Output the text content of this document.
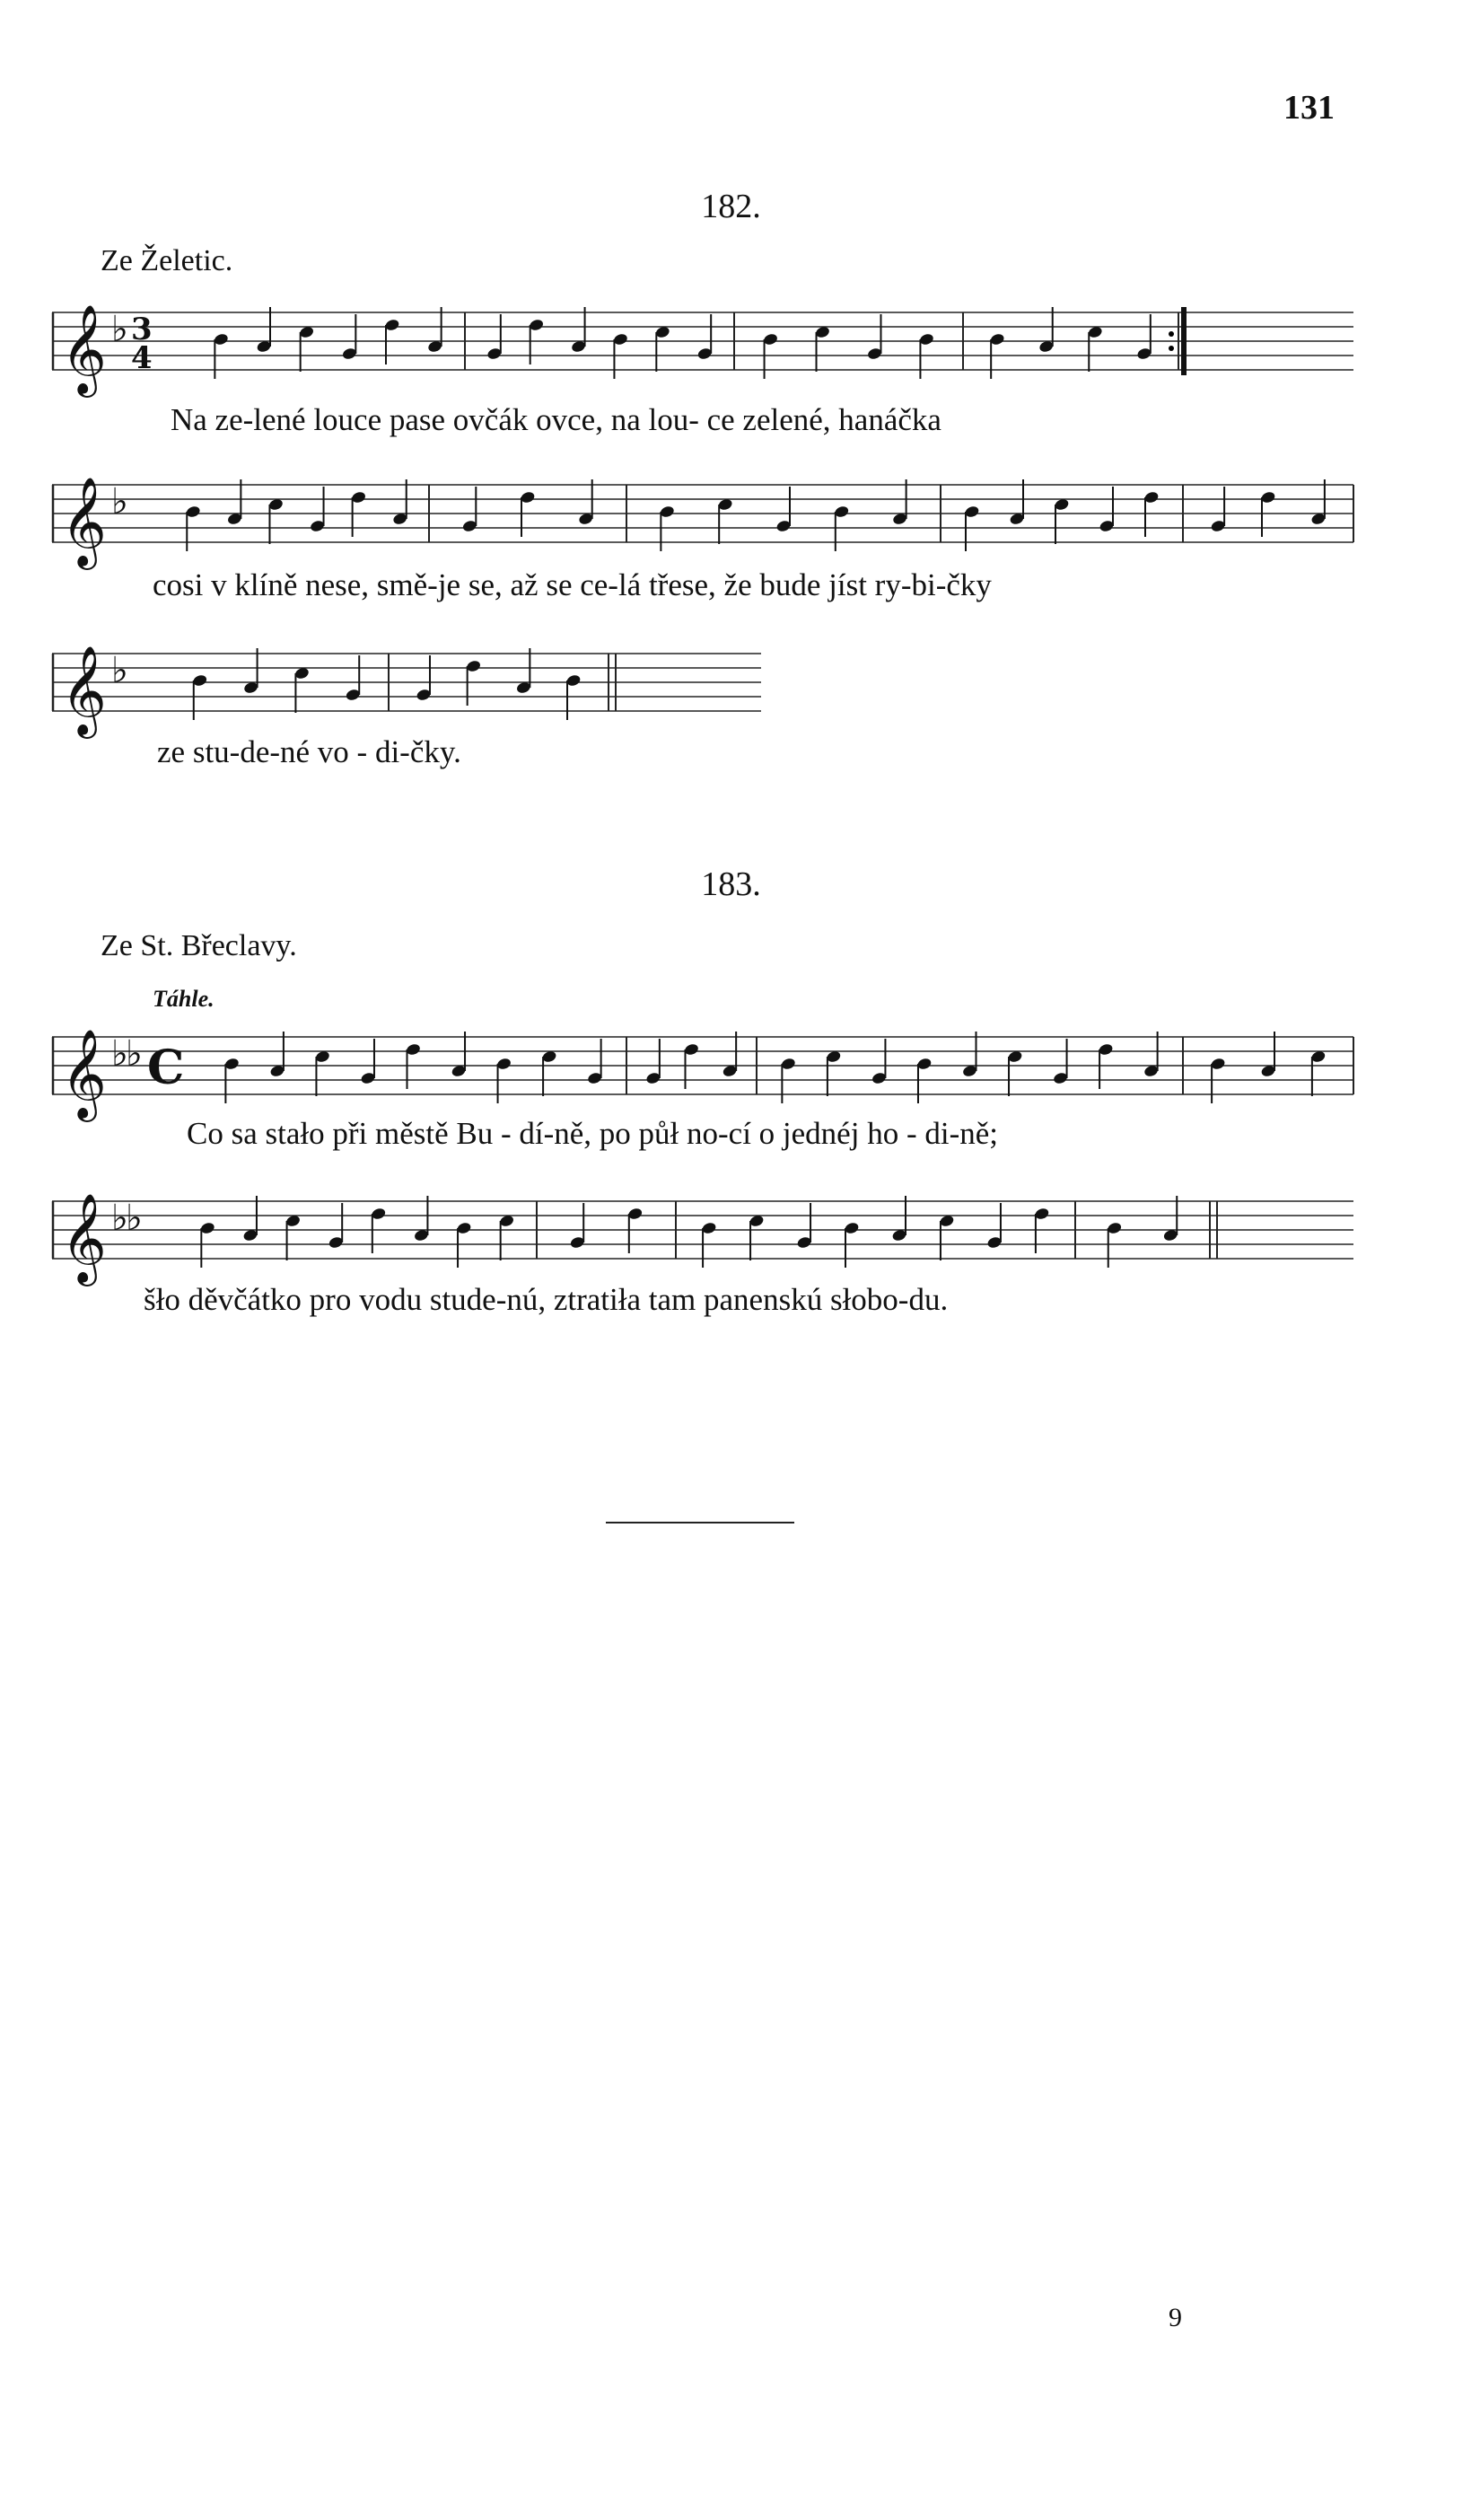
131
182.
Ze Želetic.
𝄞 ♭ 3
4
Na ze-lené louce pase ovčák ovce, na lou- ce zelené, hanáčka
𝄞 ♭
cosi v klíně nese, smě-je se, až se ce-lá třese, že bude jíst ry-bi-čky
𝄞 ♭
ze stu-de-né vo - di-čky.
183.
Ze St. Břeclavy.
Táhle.
𝄞 ♭
♭ C
Co sa stało při městě Bu - dí-ně, po půł no-cí o jednéj ho - di-ně;
𝄞 ♭
♭
šło děvčátko pro vodu stude-nú, ztratiła tam panenskú słobo-du.
9
